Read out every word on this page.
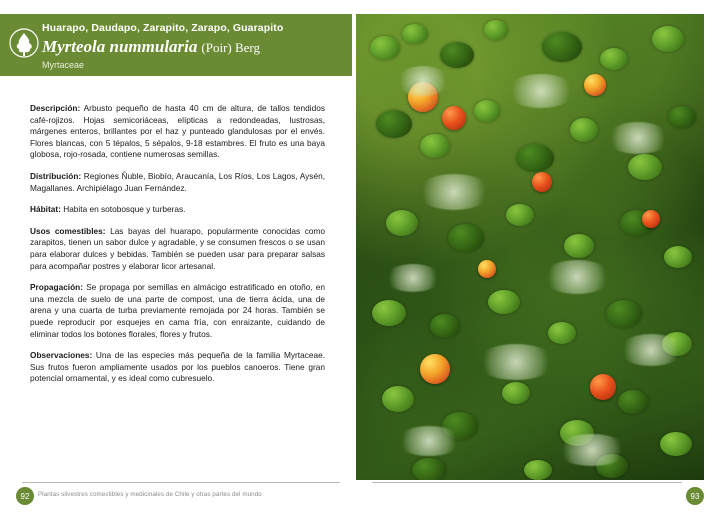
Huarapo, Daudapo, Zarapito, Zarapo, Guarapito
Myrteola nummularia (Poir) Berg
Myrtaceae

Descripción: Arbusto pequeño de hasta 40 cm de altura, de tallos tendidos café-rojizos. Hojas semicoriáceas, elípticas a redondeadas, lustrosas, márgenes enteros, brillantes por el haz y punteado glandulosas por el envés. Flores blancas, con 5 tépalos, 5 sépalos, 9-18 estambres. El fruto es una baya globosa, rojo-rosada, contiene numerosas semillas.

Distribución: Regiones Ñuble, Biobío, Araucanía, Los Ríos, Los Lagos, Aysén, Magallanes. Archipiélago Juan Fernández.

Hábitat: Habita en sotobosque y turberas.

Usos comestibles: Las bayas del huarapo, popularmente conocidas como zarapitos, tienen un sabor dulce y agradable, y se consumen frescos o se usan para elaborar dulces y bebidas. También se pueden usar para preparar salsas para acompañar postres y elaborar licor artesanal.

Propagación: Se propaga por semillas en almácigo estratificado en otoño, en una mezcla de suelo de una parte de compost, una de tierra ácida, una de arena y una cuarta de turba previamente remojada por 24 horas. También se puede reproducir por esquejes en cama fría, con enraizante, cuidando de eliminar todos los botones florales, flores y frutos.

Observaciones: Una de las especies más pequeña de la familia Myrtaceae. Sus frutos fueron ampliamente usados por los pueblos canoeros. Tiene gran potencial ornamental, y es ideal como cubresuelo.

92	Plantas silvestres comestibles y medicinales de Chile y otras partes del mundo	93
